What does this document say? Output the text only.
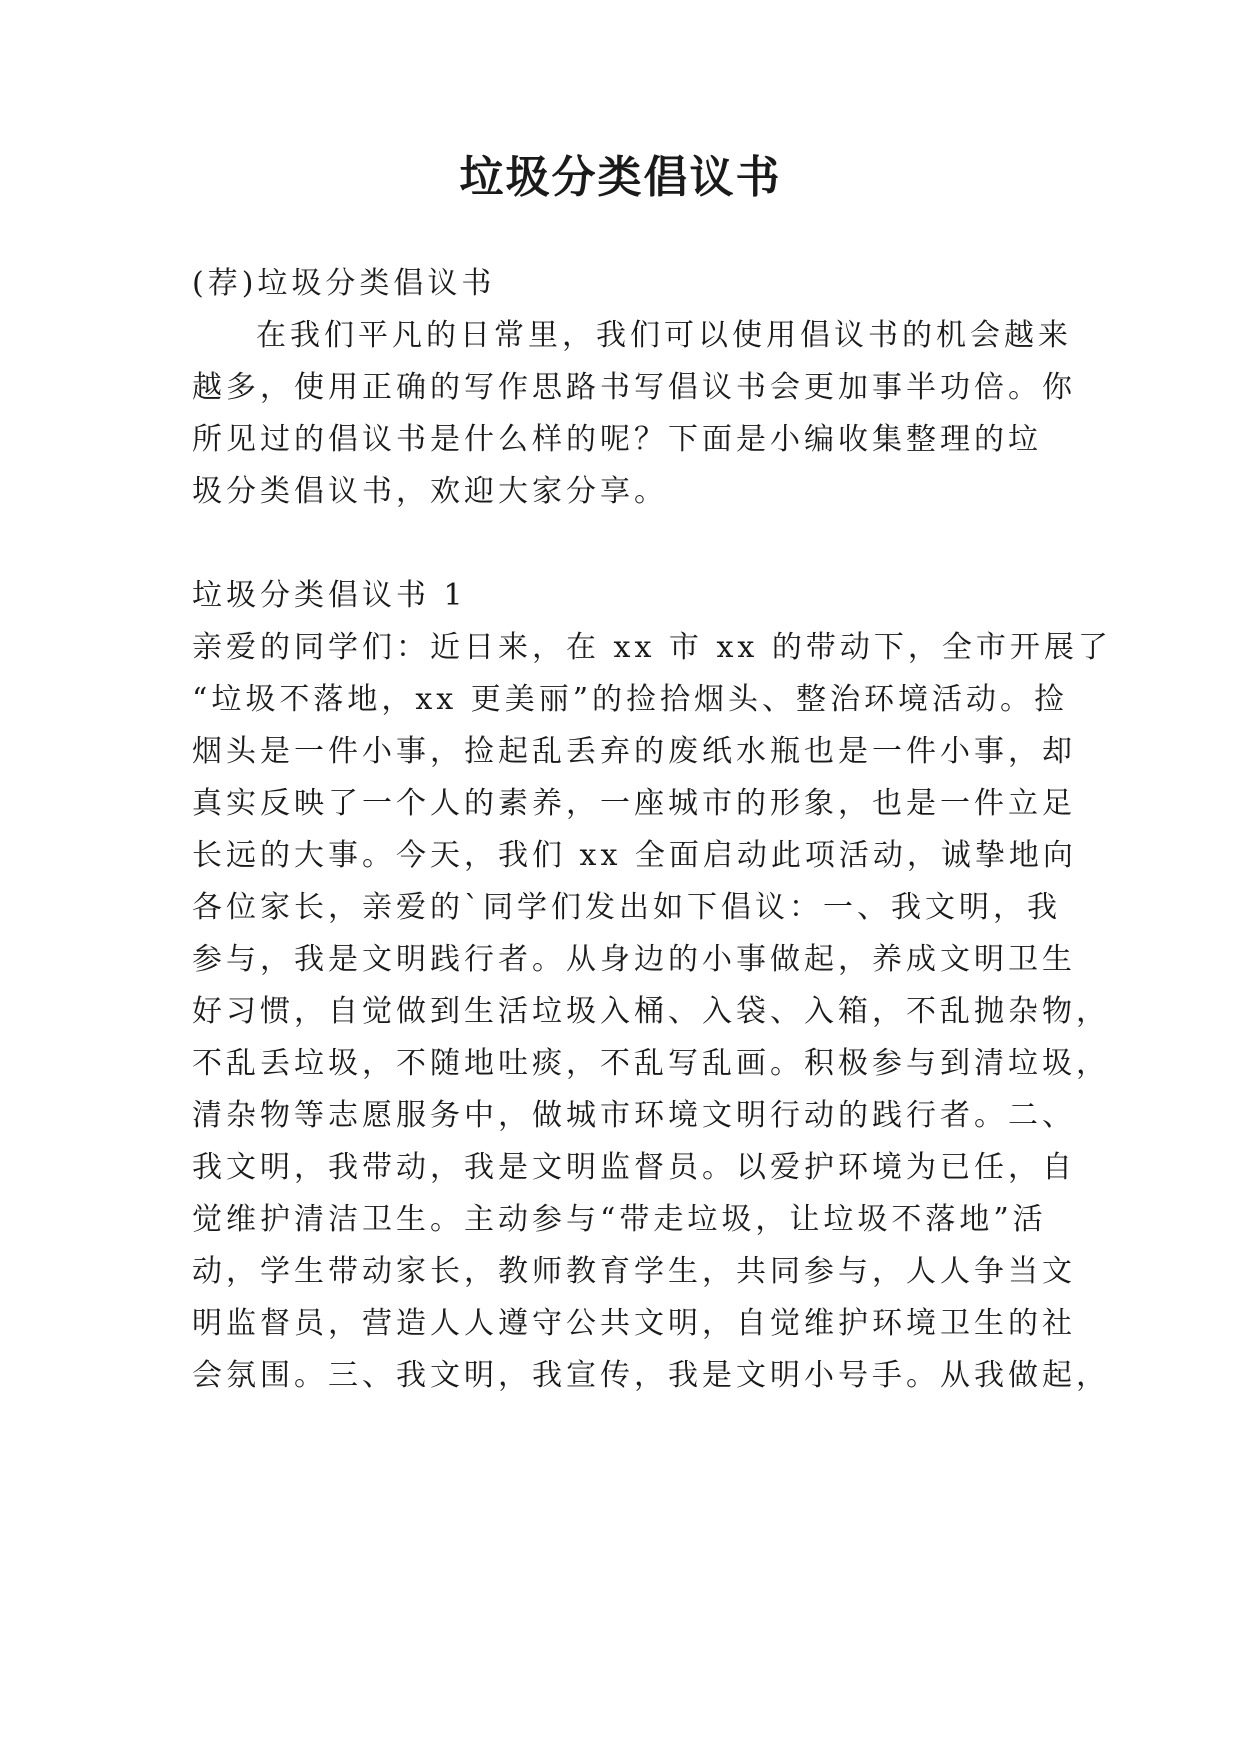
垃圾分类倡议书
(荐)垃圾分类倡议书
在我们平凡的日常里，我们可以使用倡议书的机会越来
越多，使用正确的写作思路书写倡议书会更加事半功倍。你
所见过的倡议书是什么样的呢？下面是小编收集整理的垃
圾分类倡议书，欢迎大家分享。
垃圾分类倡议书 1
亲爱的同学们：近日来，在 xx 市 xx 的带动下，全市开展了
“垃圾不落地，xx 更美丽”的捡拾烟头、整治环境活动。捡
烟头是一件小事，捡起乱丢弃的废纸水瓶也是一件小事，却
真实反映了一个人的素养，一座城市的形象，也是一件立足
长远的大事。今天，我们 xx 全面启动此项活动，诚挚地向
各位家长，亲爱的`同学们发出如下倡议：一、我文明，我
参与，我是文明践行者。从身边的小事做起，养成文明卫生
好习惯，自觉做到生活垃圾入桶、入袋、入箱，不乱抛杂物，
不乱丢垃圾，不随地吐痰，不乱写乱画。积极参与到清垃圾，
清杂物等志愿服务中，做城市环境文明行动的践行者。二、
我文明，我带动，我是文明监督员。以爱护环境为已任，自
觉维护清洁卫生。主动参与“带走垃圾，让垃圾不落地”活
动，学生带动家长，教师教育学生，共同参与，人人争当文
明监督员，营造人人遵守公共文明，自觉维护环境卫生的社
会氛围。三、我文明，我宣传，我是文明小号手。从我做起，
